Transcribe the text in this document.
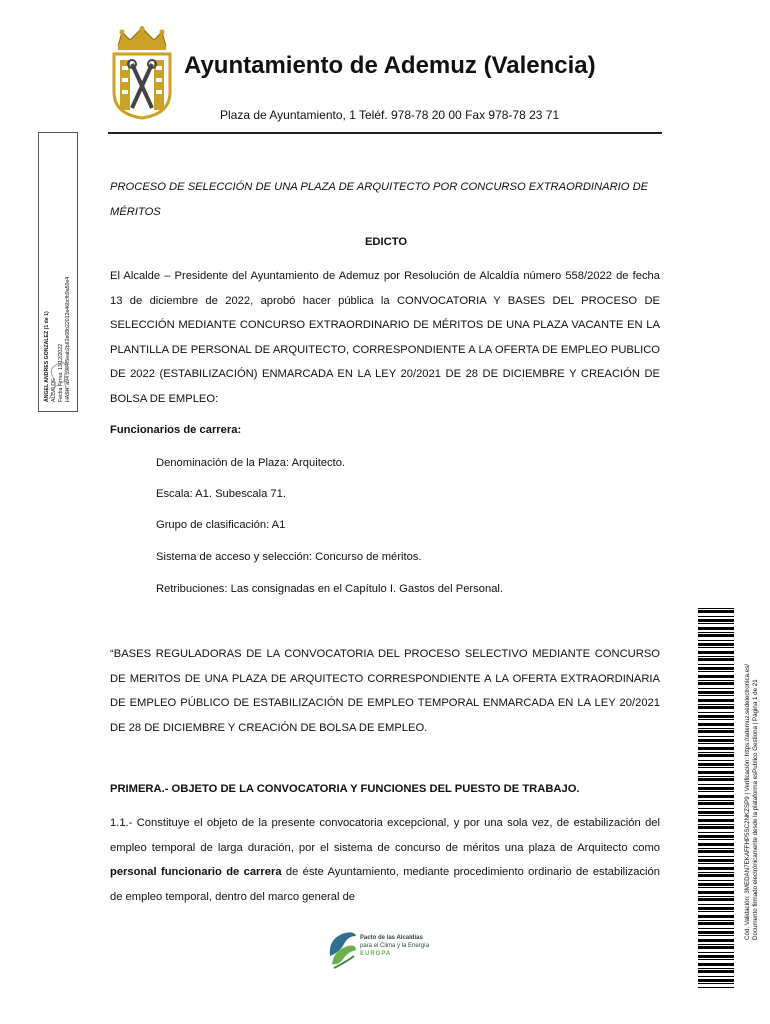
Ayuntamiento de Ademuz (Valencia)
Plaza de Ayuntamiento, 1 Teléf. 978-78 20 00 Fax 978-78 23 71
ÁNGEL ANDRES GONZALEZ (1 de 1) ALCALDE Fecha Firma: 13/12/2022 HASH: a94 59e4f5eab2b62e08b22012e46bcfb9a50e4

PROCESO DE SELECCIÓN DE UNA PLAZA DE ARQUITECTO POR CONCURSO EXTRAORDINARIO DE
MÉRITOS

EDICTO

El Alcalde – Presidente del Ayuntamiento de Ademuz por Resolución de Alcaldía número 558/2022 de fecha 13 de diciembre de 2022, aprobó hacer pública la CONVOCATORIA Y BASES DEL PROCESO DE SELECCIÓN MEDIANTE CONCURSO EXTRAORDINARIO DE MÉRITOS DE UNA PLAZA VACANTE EN LA PLANTILLA DE PERSONAL DE ARQUITECTO, CORRESPONDIENTE A LA OFERTA DE EMPLEO PUBLICO DE 2022 (ESTABILIZACIÓN) ENMARCADA EN LA LEY 20/2021 DE 28 DE DICIEMBRE Y CREACIÓN DE BOLSA DE EMPLEO:

Funcionarios de carrera:
Denominación de la Plaza: Arquitecto.
Escala: A1. Subescala 71.
Grupo de clasificación: A1
Sistema de acceso y selección: Concurso de méritos.
Retribuciones: Las consignadas en el Capítulo I. Gastos del Personal.

“BASES REGULADORAS DE LA CONVOCATORIA DEL PROCESO SELECTIVO MEDIANTE CONCURSO DE MERITOS DE UNA PLAZA DE ARQUITECTO CORRESPONDIENTE A LA OFERTA EXTRAORDINARIA DE EMPLEO PÚBLICO DE ESTABILIZACIÓN DE EMPLEO TEMPORAL ENMARCADA EN LA LEY 20/2021 DE 28 DE DICIEMBRE Y CREACIÓN DE BOLSA DE EMPLEO.

PRIMERA.- OBJETO DE LA CONVOCATORIA Y FUNCIONES DEL PUESTO DE TRABAJO.

1.1.- Constituye el objeto de la presente convocatoria excepcional, y por una sola vez, de estabilización del empleo temporal de larga duración, por el sistema de concurso de méritos una plaza de Arquitecto como personal funcionario de carrera de éste Ayuntamiento, mediante procedimiento ordinario de estabilización de empleo temporal, dentro del marco general de	Cód. Validación: 3MEDAN7EKAFFHP5SC2NKZSP9 | Verificación: https://ademuz.sedelectronica.es/ Documento firmado electrónicamente desde la plataforma esPublico Gestiona | Página 1 de 21
Pacto de las Alcaldías
para el Clima y la Energía
EUROPA
